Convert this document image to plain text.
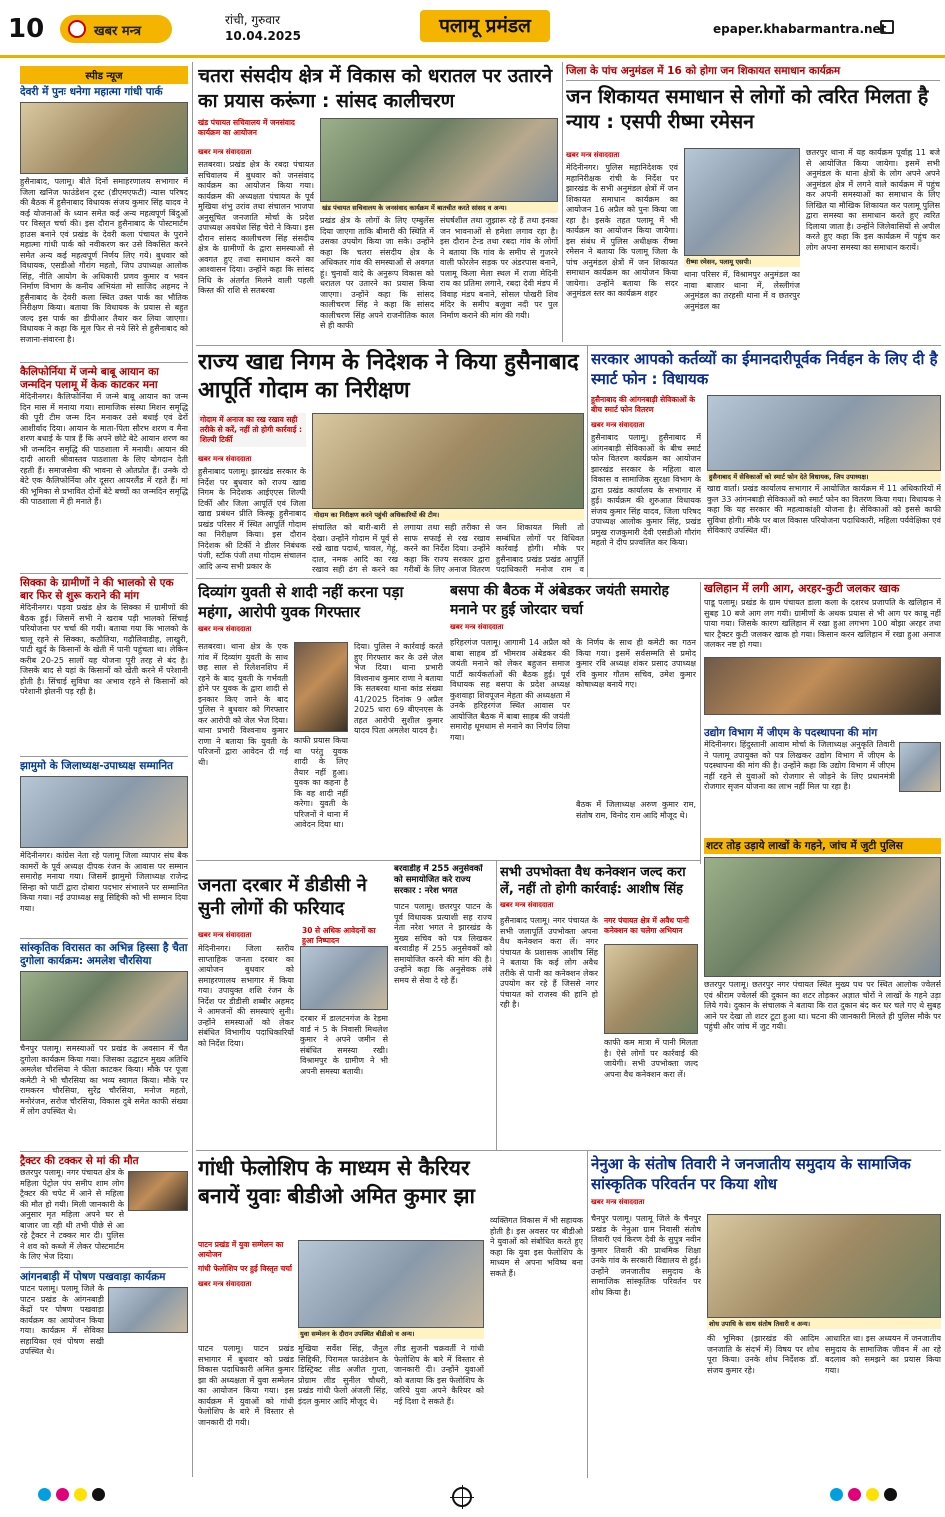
10	खबर मन्त्र
रांची, गुरुवार
10.04.2025	पलामू प्रमंडल	epaper.khabarmantra.net
स्पीड न्यूज
देवरी में पुनः धनेगा महात्मा गांधी पार्क
हुसैनाबाद, पलामू। बीते दिनों समाहरणालय सभागार में जिला खनिज फाउंडेशन ट्रस्ट (डीएमएफटी) न्यास परिषद की बैठक में हुसैनाबाद विधायक संजय कुमार सिंह यादव ने कई योजनाओं के ध्यान समेत कई अन्य महत्वपूर्ण बिंदुओं पर विस्तृत चर्चा की। इस दौरान हुसैनाबाद के पोस्टमार्टम हाउस बनाने एवं प्रखंड के देवरी कला पंचायत के पुराने महात्मा गांधी पार्क को नवीकरण कर उसे विकसित करने समेत अन्य कई महत्वपूर्ण निर्णय लिए गये। बुधवार को विधायक, एसडीओ गौरांग महतो, जिप उपाध्यक्ष आलोक सिंह, नीति आयोग के अधिकारी प्रणव कुमार व भवन निर्माण विभाग के कनीय अभियंता मो साजिद अहमद ने हुसैनाबाद के देवरी कला स्थित उक्त पार्क का भौतिक निरीक्षण किया। बताया कि विधायक के प्रयास से बहुत जल्द इस पार्क का डीपीआर तैयार कर लिया जाएगा। विधायक ने कहा कि मूल फिर से नये सिरे से हुसैनाबाद को सजाना-संवारना है।
कैलिफोर्निया में जन्मे बाबू आयान का जन्मदिन पलामू में केक काटकर मना
मेदिनीनगर। कैलिफोर्निया में जन्मे बाबू आयान का जन्म दिन मास में मनाया गया। सामाजिक संस्था मिशन समृद्धि की पूरी टीम जन्म दिन मनाकर उसे बधाई एवं ढेरों आशीर्वाद दिया। आयान के माता-पिता सौरभ शरण व मैना शरण बधाई के पात्र हैं कि अपने छोटे बेटे आयान शरण का भी जन्मदिन समृद्धि की पाठशाला में मनायी। आयान की दादी आरती श्रीवास्तव पाठशाला के लिए योगदान देती रहती हैं। समाजसेवा की भावना से ओतप्रोत हैं। उनके दो बेटे एक कैलिफोर्निया और दूसरा आयरलैंड में रहते हैं। मां की भूमिका से प्रभावित दोनों बेटे बच्चों का जन्मदिन समृद्धि की पाठशाला में ही मनाते हैं।
सिक्का के ग्रामीणों ने की भालको से एक बार फिर से शुरू कराने की मांग
मेदिनीनगर। पड़वा प्रखंड क्षेत्र के सिक्का में ग्रामीणों की बैठक हुई। जिसमें सभी ने खराब पड़ी भालको सिंचाई परियोजना पर चर्चा की गयी। बताया गया कि भालको के चालू रहने से सिक्का, कठौतिया, गढ़ौलिवाडीह, लाखुरी, पाटी खुर्द के किसानों के खेती में पानी पहुंचता था। लेकिन करीब 20-25 सालों यह योजना पूरी तरह से बंद है। जिसके बाद से यहां के किसानों को खेती करने में परेशानी होती है। सिंचाई सुविधा का अभाव रहने से किसानों को परेशानी झेलनी पड़ रही है।
झामुमो के जिलाध्यक्ष-उपाध्यक्ष सम्मानित
मेदिनीनगर। कांग्रेस नेता रहे पलामू जिला व्यापार संघ बैक कामरों के पूर्व अध्यक्ष दीपक रंजन के आवास पर सम्मान समारोह मनाया गया। जिसमें झामुमो जिलाध्यक्ष राजेन्द्र सिन्हा को पार्टी द्वारा दोबारा पदभार संभालने पर सम्मानित किया गया। नई उपाध्यक्ष सन्नु सिद्दिकी को भी सम्मान दिया गया।
सांस्कृतिक विरासत का अभिन्न हिस्सा है चैता दुगोला कार्यक्रम: अमलेश चौरसिया
चैनपुर पलामू। समस्याओं पर प्रखंड के अवसान में चैत दुगोला कार्यक्रम किया गया। जिसका उद्घाटन मुख्य अतिथि अमलेश चौरसिया ने फीता काटकर किया। मौके पर पूजा कमेटी ने भी चौरसिया का भव्य स्वागत किया। मौके पर रामकरन चौरसिया, सुरेंद्र चौरसिया, मनोज महतो, मनोरंजन, सरोज चौरसिया, विकास दुबे समेत काफी संख्या में लोग उपस्थित थे।
ट्रैक्टर की टक्कर से मां की मौत
छतरपुर पलामू। नगर पंचायत क्षेत्र के महिला पेट्रोल पंप समीप शाम लोग ट्रैक्टर की चपेट में आने से महिला की मौत हो गयी। मिली जानकारी के अनुसार मृत महिला अपने घर से बाजार जा रही थी तभी पीछे से आ रहे ट्रैक्टर ने टक्कर मार दी। पुलिस ने शव को कब्जे में लेकर पोस्टमार्टम के लिए भेज दिया।
आंगनबाड़ी में पोषण पखवाड़ा कार्यक्रम
पाटन पलामू। पलामू जिले के पाटन प्रखंड के आंगनबाड़ी केंद्रों पर पोषण पखवाड़ा कार्यक्रम का आयोजन किया गया। कार्यक्रम में सेविका सहायिका एवं पोषण सखी उपस्थित थे।
चतरा संसदीय क्षेत्र में विकास को धरातल पर उतारने का प्रयास करूंगा : सांसद कालीचरण
खंड पंचायत सचिवालय में जनसंवाद कार्यक्रम का आयोजन
खबर मन्त्र संवाददाता
सतबरवा। प्रखंड क्षेत्र के रबदा पंचायत सचिवालय में बुधवार को जनसंवाद कार्यक्रम का आयोजन किया गया। कार्यक्रम की अध्यक्षता पंचायत के पूर्व मुखिया शंभु उरांव तथा संचालन भाजपा अनुसूचित जनजाति मोर्चा के प्रदेश उपाध्यक्ष अवधेश सिंह चेरो ने किया। इस दौरान सांसद कालीचरण सिंह संसदीय क्षेत्र के ग्रामीणों के द्वारा समस्याओं से अवगत हुए तथा समाधान करने का आश्वासन दिया। उन्होंने कहा कि सांसद निधि के अंतर्गत मिलने वाली पहली किस्त की राशि से सतबरवा
खंड पंचायत सचिवालय के जनसंवाद कार्यक्रम में बातचीत करते सांसद व अन्य।
प्रखंड क्षेत्र के लोगों के लिए एम्बुलेंस दिया जाएगा ताकि बीमारी की स्थिति में उसका उपयोग किया जा सके। उन्होंने कहा कि चतरा संसदीय क्षेत्र के अधिकतर गांव की समस्याओं से अवगत हूं। चुनावों वादे के अनुरूप विकास को धरातल पर उतारने का प्रयास किया जाएगा। उन्होंने कहा कि सांसद कालीचरण सिंह ने कहा कि सांसद कालीचरण सिंह अपने राजनीतिक काल से ही काफी
संघर्षशील तथा जुझारू रहे हैं तथा इनका जन भावनाओं से हमेशा लगाव रहा है। इस दौरान टेन्ड तथा रबदा गांव के लोगों ने बताया कि गांव के समीप से गुजरने वाली फोरलेन सड़क पर अंडरपास बनाने, पलामू किला मेला स्थल में राजा मेदिनी राय का प्रतिमा लगाने, रबदा देवी मंडप में विवाह मंडप बनाने, सोसल पोखरी शिव मंदिर के समीप बलुवा नदी पर पुल निर्माण कराने की मांग की गयी।
जिला के पांच अनुमंडल में 16 को होगा जन शिकायत समाधान कार्यक्रम
जन शिकायत समाधान से लोगों को त्वरित मिलता है न्याय : एसपी रीष्मा रमेसन
खबर मन्त्र संवाददाता
मेदिनीनगर। पुलिस महानिदेशक एवं महानिरीक्षक रांची के निर्देश पर झारखंड के सभी अनुमंडल क्षेत्रों में जन शिकायत समाधान कार्यक्रम का आयोजन 16 अप्रैल को पुनः किया जा रहा है। इसके तहत पलामू में भी कार्यक्रम का आयोजन किया जायेगा। इस संबंध में पुलिस अधीक्षक रीष्मा रमेसन ने बताया कि पलामू जिला के पांच अनुमंडल क्षेत्रों में जन शिकायत समाधान कार्यक्रम का आयोजन किया जायेगा। उन्होंने बताया कि सदर अनुमंडल स्तर का कार्यक्रम शहर
रीष्मा रमेसन, पलामू एसपी।
थाना परिसर में, विश्रामपुर अनुमंडल का नावा बाजार थाना में, लेस्लीगंज अनुमंडल का तरहसी थाना में व छतरपुर अनुमंडल का
छतरपुर थाना में यह कार्यक्रम पूर्वाह्न 11 बजे से आयोजित किया जायेगा। इसमें सभी अनुमंडल के थाना क्षेत्रों के लोग अपने अपने अनुमंडल क्षेत्र में लगने वाले कार्यक्रम में पहुंच कर अपनी समस्याओं का समाधान के लिए लिखित या मौखिक शिकायत कर पलामू पुलिस द्वारा समस्या का समाधान करते हुए त्वरित दिलाया जाता है। उन्होंने जिलेवासियों से अपील करते हुए कहा कि इस कार्यक्रम में पहुंच कर लोग अपना समस्या का समाधान करायें।
राज्य खाद्य निगम के निदेशक ने किया हुसैनाबाद आपूर्ति गोदाम का निरीक्षण
गोदाम में अनाज का रख रखाव सही तरीके से करें, नहीं तो होगी कार्रवाई : शिल्पी टिर्की
खबर मन्त्र संवाददाता
हुसैनाबाद पलामू। झारखंड सरकार के निर्देश पर बुधवार को राज्य खाद्य निगम के निदेशक आईएएस शिल्पी टिर्की और जिला आपूर्ति एवं जिला खाद्य प्रबंधन प्रीति किस्कू हुसैनाबाद प्रखंड परिसर में स्थित आपूर्ति गोदाम का निरीक्षण किया। इस दौरान निदेशक श्री टिर्की ने डीलर निबंधक पंजी, स्टॉक पंजी तथा गोदाम संचालन आदि अन्य सभी प्रकार के
गोदाम का निरीक्षण करने पहुंची अधिकारियों की टीम।
संचालित को बारी-बारी से देखा। उन्होंने गोदाम में पूर्व से रखे खाद्य पदार्थ, चावल, गेहूं, दाल, नमक आदि का रख रखाव सही ढंग से करने का
लगाया तथा सही तरीका से साफ सफाई से रख रखाव करने का निर्देश दिया। उन्होंने कहा कि राज्य सरकार द्वारा गरीबों के लिए अनाज वितरण
जन शिकायत मिली तो सम्बंधित लोगों पर विधिवत कार्रवाई होगी। मौके पर हुसैनाबाद प्रखंड प्रखंड आपूर्ति पदाधिकारी मनोज राम व
सरकार आपको कर्तव्यों का ईमानदारीपूर्वक निर्वहन के लिए दी है स्मार्ट फोन : विधायक
हुसैनाबाद की आंगनबाड़ी सेविकाओं के बीच स्मार्ट फोन वितरण
खबर मन्त्र संवाददाता
हुसैनाबाद पलामू। हुसैनाबाद में आंगनबाड़ी सेविकाओं के बीच स्मार्ट फोन वितरण कार्यक्रम का आयोजन झारखंड सरकार के महिला बाल विकास व सामाजिक सुरक्षा विभाग के द्वारा प्रखंड कार्यालय के सभागार में हुई। कार्यक्रम की शुरुआत विधायक संजय कुमार सिंह यादव, जिला परिषद उपाध्यक्ष आलोक कुमार सिंह, प्रखंड प्रमुख राजकुमारी देवी एसडीओ गौरांग महतो ने दीप प्रज्वलित कर किया।
हुसैनाबाद में सेविकाओं को स्मार्ट फोन देते विधायक, जिप उपाध्यक्ष।
खाद्य वार्ता। प्रखंड कार्यालय सभागार में आयोजित कार्यक्रम में 11 अधिकारियों में कुल 33 आंगनबाड़ी सेविकाओं को स्मार्ट फोन का वितरण किया गया। विधायक ने कहा कि यह सरकार की महत्वाकांक्षी योजना है। सेविकाओं को इससे काफी सुविधा होगी। मौके पर बाल विकास परियोजना पदाधिकारी, महिला पर्यवेक्षिका एवं सेविकाएं उपस्थित थीं।
दिव्यांग युवती से शादी नहीं करना पड़ा महंगा, आरोपी युवक गिरफ्तार
खबर मन्त्र संवाददाता
सतबरवा। थाना क्षेत्र के एक गांव में दिव्यांग युवती के साथ छह साल से रिलेशनशिप में रहने के बाद युवती के गर्भवती होने पर युवक के द्वारा शादी से इनकार किए जाने के बाद पुलिस ने बुधवार को गिरफ्तार कर आरोपी को जेल भेज दिया। थाना प्रभारी विश्वनाथ कुमार राणा ने बताया कि युवती के परिजनों द्वारा आवेदन दी गई थी।
दिया। पुलिस ने कार्रवाई करते हुए गिरफ्तार कर के उसे जेल भेज दिया। थाना प्रभारी विश्वनाथ कुमार राणा ने बताया कि सतबरवा थाना कांड संख्या 41/2025 दिनांक 9 अप्रैल 2025 धारा 69 बीएनएस के तहत आरोपी सुशील कुमार यादव पिता अमलेश यादव है।
काफी प्रयास किया था परंतु युवक शादी के लिए तैयार नहीं हुआ। युवक का कहना है कि वह शादी नहीं करेगा। युवती के परिजनों ने थाना में आवेदन दिया था।
बसपा की बैठक में अंबेडकर जयंती समारोह मनाने पर हुई जोरदार चर्चा
खबर मन्त्र संवाददाता
हरिहरगंज पलामू। आगामी 14 अप्रैल को बाबा साहब डॉ भीमराव अंबेडकर की जयंती मनाने को लेकर बहुजन समाज पार्टी कार्यकर्ताओं की बैठक हुई। पूर्व विधायक सह बसपा के प्रदेश अध्यक्ष कुशवाहा शिवपूजन मेहता की अध्यक्षता में उनके हरिहरगंज स्थित आवास पर आयोजित बैठक में बाबा साहब की जयंती समारोह धूमधाम से मनाने का निर्णय लिया गया।
के निर्णय के साथ ही कमेटी का गठन किया गया। इसमें सर्वसम्मति से प्रमोद कुमार रवि अध्यक्ष शंकर प्रसाद उपाध्यक्ष रवि कुमार गौतम सचिव, उमेश कुमार कोषाध्यक्ष बनाये गए।
बैठक में जिलाध्यक्ष अरुण कुमार राम, संतोष राम, विनोद राम आदि मौजूद थे।
खलिहान में लगी आग, अरहर-कुटी जलकर खाक
पाडू पलामू। प्रखंड के ग्राम पंचायत डाला कला के दशरथ प्रजापति के खलिहान में सुबह 10 बजे आग लग गयी। ग्रामीणों के अथक प्रयास से भी आग पर काबू नहीं पाया गया। जिसके कारण खलिहान में रखा हुआ लगभग 100 बोझा अरहर तथा चार ट्रैक्टर कुटी जलकर खाक हो गया। किसान करन खलिहान में रखा हुआ अनाज जलकर नष्ट हो गया।
उद्योग विभाग में जीएम के पदस्थापना की मांग
मेदिनीनगर। हिंदुस्तानी आवाम मोर्चा के जिलाध्यक्ष अनुकृति तिवारी ने पलामू उपायुक्त को पत्र लिखकर उद्योग विभाग में जीएम के पदस्थापना की मांग की है। उन्होंने कहा कि उद्योग विभाग में जीएम नहीं रहने से युवाओं को रोजगार से जोड़ने के लिए प्रधानमंत्री रोजगार सृजन योजना का लाभ नहीं मिल पा रहा है।
शटर तोड़ उड़ाये लाखों के गहने, जांच में जुटी पुलिस
छतरपुर पलामू। छतरपुर नगर पंचायत स्थित मुख्य पथ पर स्थित आलोक ज्वेलर्स एवं श्रीराम ज्वेलर्स की दुकान का शटर तोड़कर अज्ञात चोरों ने लाखों के गहने उड़ा लिये गये। दुकान के संचालक ने बताया कि रात दुकान बंद कर घर चले गए थे सुबह आने पर देखा तो शटर टूटा हुआ था। घटना की जानकारी मिलते ही पुलिस मौके पर पहुंची और जांच में जुट गयी।
बरवाडीह में 255 अनुसेवकों को समायोजित करे राज्य सरकार : नरेश भगत
जनता दरबार में डीडीसी ने सुनी लोगों की फरियाद
30 से अधिक आवेदनों का हुआ निष्पादन
खबर मन्त्र संवाददाता
मेदिनीनगर। जिला स्तरीय साप्ताहिक जनता दरबार का आयोजन बुधवार को समाहरणालय सभागार में किया गया। उपायुक्त शशि रंजन के निर्देश पर डीडीसी शब्बीर अहमद ने आमजनों की समस्याएं सुनी। उन्होंने समस्याओं को लेकर संबंधित विभागीय पदाधिकारियों को निर्देश दिया।
दरबार में डालटनगंज के रेड़मा वार्ड नं 5 के निवासी मिथलेश कुमार ने अपने जमीन से संबंधित समस्या रखी। विश्रामपुर के ग्रामीण ने भी अपनी समस्या बतायी।
पाटन पलामू। छतरपुर पाटन के पूर्व विधायक प्रत्याशी सह राज्य नेता नरेश भगत ने झारखंड के मुख्य सचिव को पत्र लिखकर बरवाडीह में 255 अनुसेवकों को समायोजित करने की मांग की है। उन्होंने कहा कि अनुसेवक लंबे समय से सेवा दे रहे हैं।
सभी उपभोक्ता वैध कनेक्शन जल्द करा लें, नहीं तो होगी कार्रवाई: आशीष सिंह
खबर मन्त्र संवाददाता
हुसैनाबाद पलामू। नगर पंचायत के सभी जलापूर्ति उपभोक्ता अपना वैध कनेक्शन करा लें। नगर पंचायत के प्रशासक आशीष सिंह ने बताया कि कई लोग अवैध तरीके से पानी का कनेक्शन लेकर उपयोग कर रहे हैं जिससे नगर पंचायत को राजस्व की हानि हो रही है।
नगर पंचायत क्षेत्र में अवैध पानी कनेक्शन का चलेगा अभियान
काफी कम मात्रा में पानी मिलता है। ऐसे लोगों पर कार्रवाई की जायेगी। सभी उपभोक्ता जल्द अपना वैध कनेक्शन करा लें।
गांधी फेलोशिप के माध्यम से कैरियर बनायें युवाः बीडीओ अमित कुमार झा
पाटन प्रखंड में युवा सम्मेलन का आयोजन
गांधी फेलोशिप पर हुई विस्तृत चर्चा
खबर मन्त्र संवाददाता
युवा सम्मेलन के दौरान उपस्थित बीडीओ व अन्य।
पाटन पलामू। पाटन प्रखंड सभागार में बुधवार को प्रखंड विकास पदाधिकारी अमित कुमार झा की अध्यक्षता में युवा सम्मेलन का आयोजन किया गया। इस कार्यक्रम में युवाओं को गांधी फेलोशिप के बारे में विस्तार से जानकारी दी गयी।
मुखिया सर्वेश सिंह, जैनुल सिद्दिकी, पिरामल फाउंडेशन के डिस्ट्रिक्ट लीड अजीत गुप्ता, प्रोग्राम लीड सुनील चौधरी, प्रखंड गांधी फेलो अंजली सिंह, इंदल कुमार आदि मौजूद थे।
लीड सुजनी चक्रवर्ती ने गांधी फेलोशिप के बारे में विस्तार से जानकारी दी। उन्होंने युवाओं को बताया कि इस फेलोशिप के जरिये युवा अपने कैरियर को नई दिशा दे सकते हैं।
व्यक्तिगत विकास में भी सहायक होती है। इस अवसर पर बीडीओ ने युवाओं को संबोधित करते हुए कहा कि युवा इस फेलोशिप के माध्यम से अपना भविष्य बना सकते हैं।
नेनुआ के संतोष तिवारी ने जनजातीय समुदाय के सामाजिक सांस्कृतिक परिवर्तन पर किया शोध
खबर मन्त्र संवाददाता
चैनपुर पलामू। पलामू जिले के चैनपुर प्रखंड के नेनुआ ग्राम निवासी संतोष तिवारी एवं किरण देवी के सुपुत्र नवीन कुमार तिवारी की प्राथमिक शिक्षा उनके गांव के सरकारी विद्यालय से हुई। उन्होंने जनजातीय समुदाय के सामाजिक सांस्कृतिक परिवर्तन पर शोध किया है।
शोध उपाधि के साथ संतोष तिवारी व अन्य।
की भूमिका (झारखंड की आदिम जनजाति के संदर्भ में) विषय पर शोध पूरा किया। उनके शोध निर्देशक डॉ. संजय कुमार रहे।
आधारित था। इस अध्ययन में जनजातीय समुदाय के सामाजिक जीवन में आ रहे बदलाव को समझने का प्रयास किया गया।
